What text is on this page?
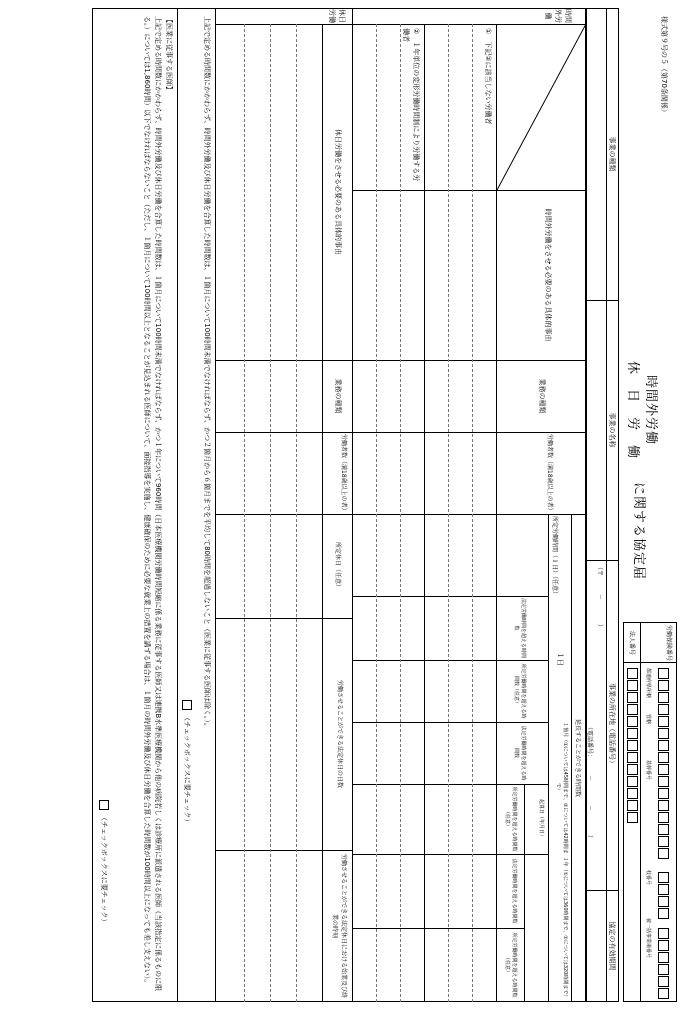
様式第９号の５（第70条関係）
時間外労働
休　日　労　働
に関する協定届
労働保険番号
法人番号
都道府県所轄
管轄
基幹番号
枝番号
被一括事業場番号
事業の種類
事業の名称
事業の所在地（電話番号）
協定の有効期間
（〒　　　－　　　　）
（電話番号：　　　－　　　　－　　　　）
時間外労働
①　下記②に該当しない労働者
②　１年単位の変形労働時間制により労働する労働者
時間外労働をさせる必要のある具体的事由
業務の種類
労働者数（満18歳以上の者）
所定労働時間（１日）（任意）
延長することができる時間数
１日
１箇月（①については45時間まで、②については42時間まで）
１年（①については360時間まで、②については320時間まで）
起算日（年月日）
法定労働時間を超える時間数
所定労働時間を超える時間数（任意）
法定労働時間を超える時間数
所定労働時間を超える時間数（任意）
法定労働時間を超える時間数
所定労働時間を超える時間数（任意）
休日労働
休日労働をさせる必要のある具体的事由
業務の種類
労働者数（満18歳以上の者）
所定休日（任意）
労働させることができる法定休日の日数
労働させることができる法定休日における始業及び終業の時刻
上記で定める時間数にかかわらず、時間外労働及び休日労働を合算した時間数は、１箇月について100時間未満でなければならず、かつ２箇月から６箇月までを平均して80時間を超過しないこと（医業に従事する医師は除く。）。
（チェックボックスに要チェック）
【医業に従事する医師】
上記で定める時間数にかかわらず、時間外労働及び休日労働を合算した時間数は、１箇月について100時間未満でなければならず、かつ１年について960時間（日本医療機関労働時間短縮に係る業務に従事する医師又は連携B水準医療機関から他の病院若しくは診療所に派遣される医師（当該指定に係るものに限る。）については1,860時間）以下でなければならないこと（ただし、１箇月について100時間以上となることが見込まれる医師について、面接指導を実施し、健康確保のために必要な就業上の措置を講ずる場合は、１箇月の時間外労働及び休日労働を合算した時間数が100時間以上になっても差し支えない）。
（チェックボックスに要チェック）
